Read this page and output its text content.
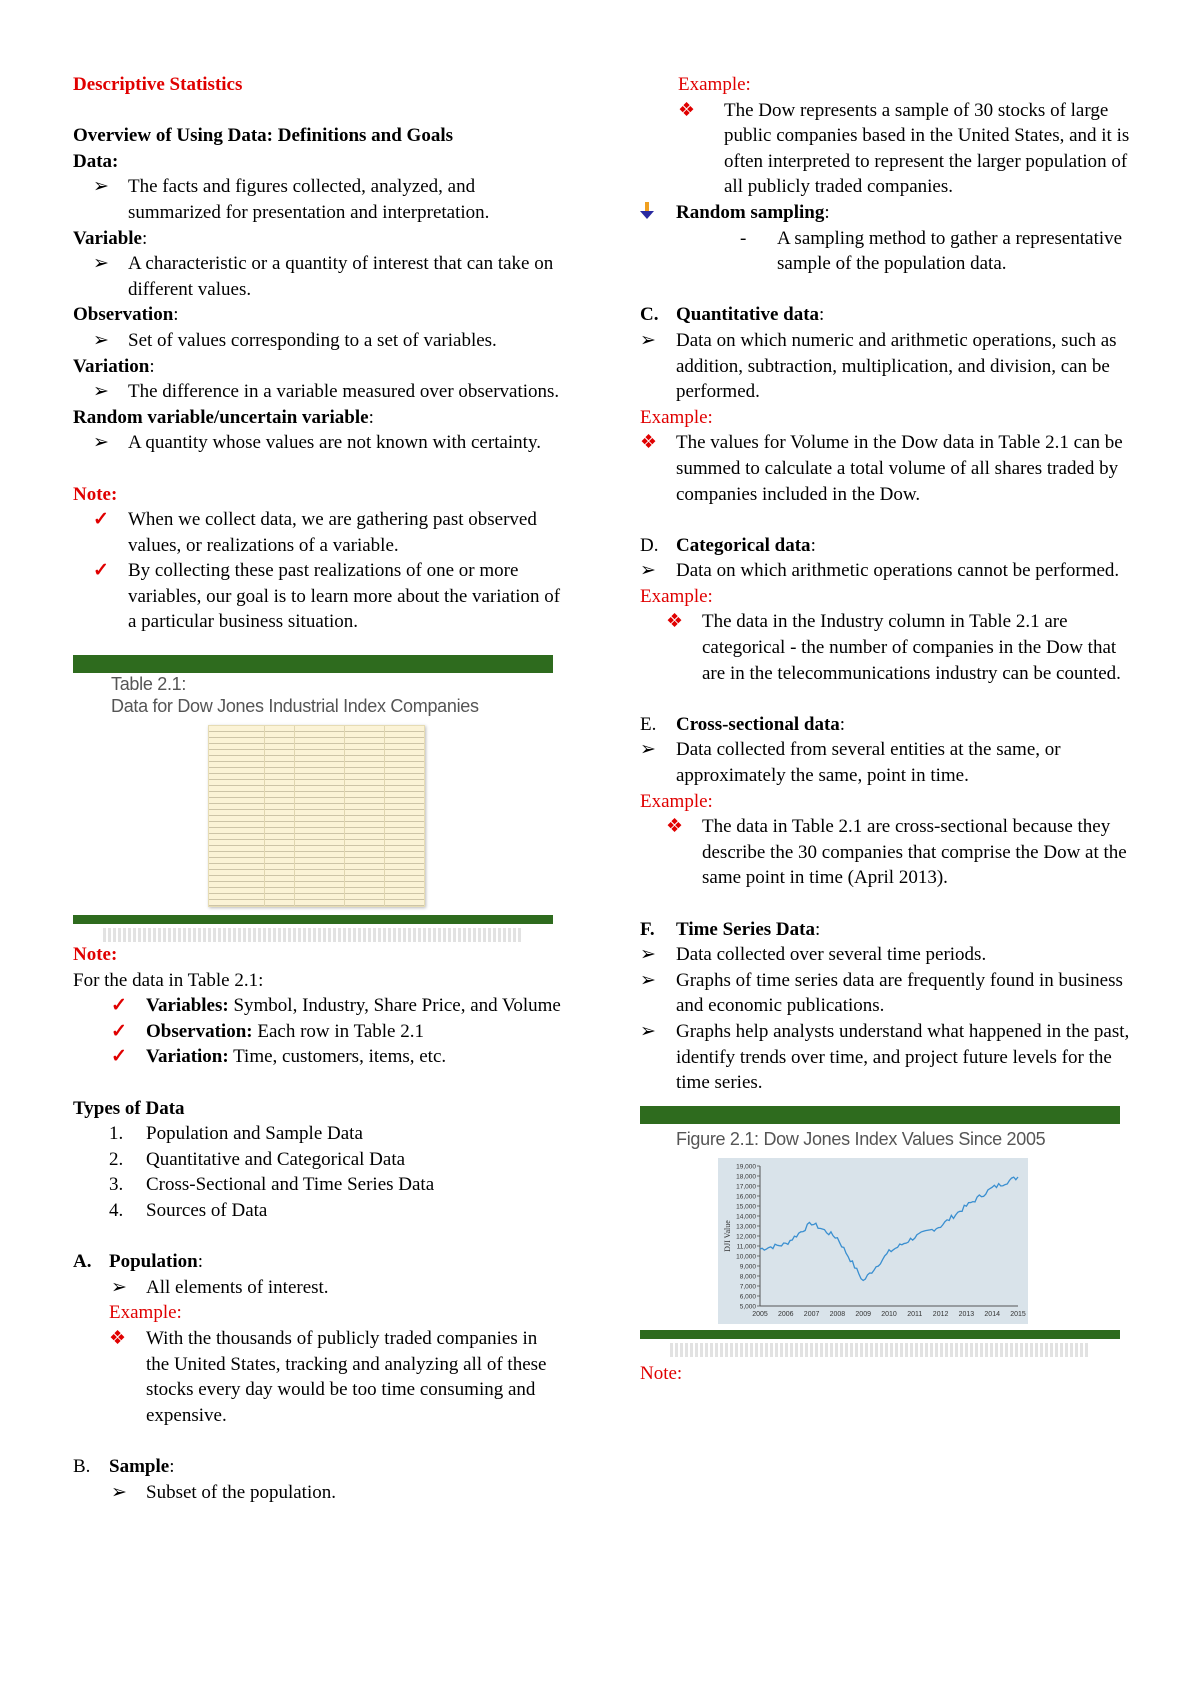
Descriptive Statistics
Overview of Using Data: Definitions and Goals
Data:
➢	The facts and figures collected, analyzed, and summarized for presentation and interpretation.
Variable:
➢	A characteristic or a quantity of interest that can take on different values.
Observation:
➢	Set of values corresponding to a set of variables.
Variation:
➢	The difference in a variable measured over observations.
Random variable/uncertain variable:
➢	A quantity whose values are not known with certainty.
Note:
✓	When we collect data, we are gathering past observed values, or realizations of a variable.
✓	By collecting these past realizations of one or more variables, our goal is to learn more about the variation of a particular business situation.
Table 2.1:
Data for Dow Jones Industrial Index Companies
Note:
For the data in Table 2.1:
✓	Variables: Symbol, Industry, Share Price, and Volume
✓	Observation: Each row in Table 2.1
✓	Variation: Time, customers, items, etc.
Types of Data
1. Population and Sample Data
2. Quantitative and Categorical Data
3. Cross-Sectional and Time Series Data
4. Sources of Data
A. Population:
➢	All elements of interest.
Example:
❖	With the thousands of publicly traded companies in the United States, tracking and analyzing all of these stocks every day would be too time consuming and expensive.
B. Sample:
➢	Subset of the population.
Example:
❖	The Dow represents a sample of 30 stocks of large public companies based in the United States, and it is often interpreted to represent the larger population of all publicly traded companies.
Random sampling:
- A sampling method to gather a representative sample of the population data.
C. Quantitative data:
➢	Data on which numeric and arithmetic operations, such as addition, subtraction, multiplication, and division, can be performed.
Example:
❖ The values for Volume in the Dow data in Table 2.1 can be summed to calculate a total volume of all shares traded by companies included in the Dow.
D. Categorical data:
➢	Data on which arithmetic operations cannot be performed.
Example:
❖ The data in the Industry column in Table 2.1 are categorical - the number of companies in the Dow that are in the telecommunications industry can be counted.
E. Cross-sectional data:
➢	Data collected from several entities at the same, or approximately the same, point in time.
Example:
❖ The data in Table 2.1 are cross-sectional because they describe the 30 companies that comprise the Dow at the same point in time (April 2013).
F. Time Series Data:
➢	Data collected over several time periods.
➢	Graphs of time series data are frequently found in business and economic publications.
➢	Graphs help analysts understand what happened in the past, identify trends over time, and project future levels for the time series.
Figure 2.1: Dow Jones Index Values Since 2005
DJI Value
5,000
6,000
7,000
8,000
9,000
10,000
11,000
12,000
13,000
14,000
15,000
16,000
17,000
18,000
19,000
2005 2006 2007 2008 2009 2010 2011 2012 2013 2014 2015
Note:
